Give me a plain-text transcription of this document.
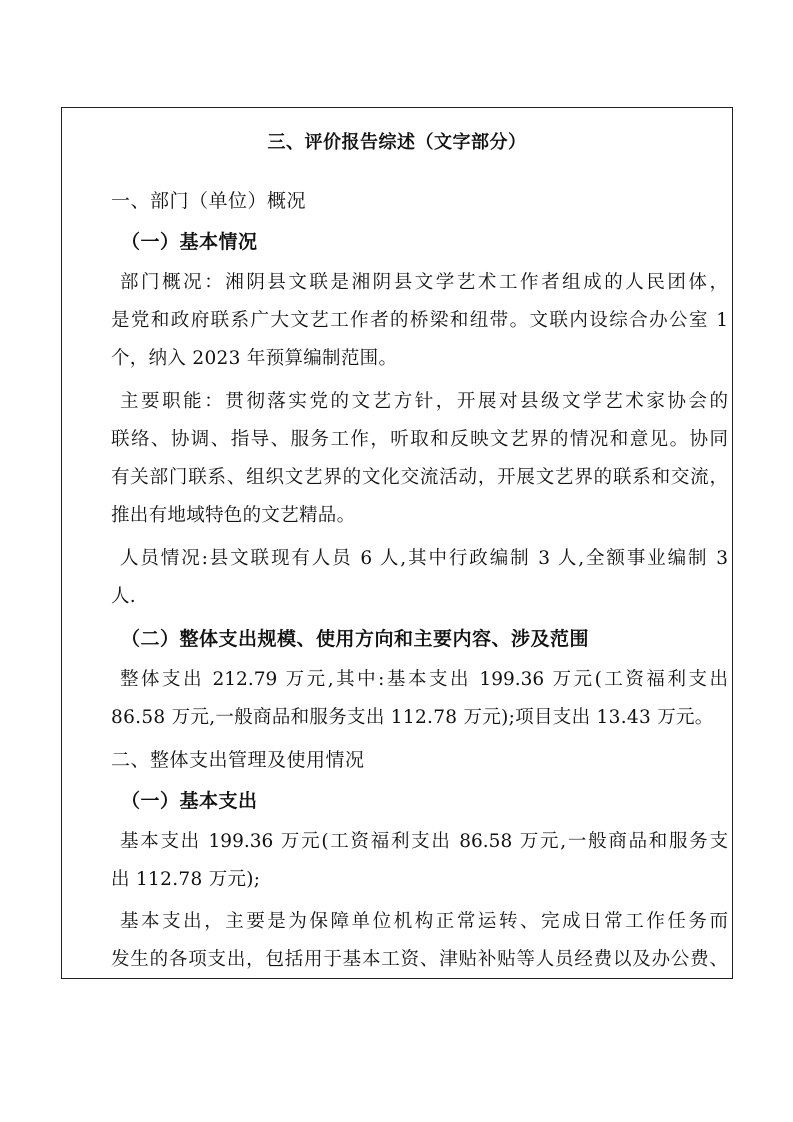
三、评价报告综述（文字部分）
一、部门（单位）概况
（一）基本情况
部门概况：湘阴县文联是湘阴县文学艺术工作者组成的人民团体，
是党和政府联系广大文艺工作者的桥梁和纽带。文联内设综合办公室 1
个，纳入 2023 年预算编制范围。
主要职能：贯彻落实党的文艺方针，开展对县级文学艺术家协会的
联络、协调、指导、服务工作，听取和反映文艺界的情况和意见。协同
有关部门联系、组织文艺界的文化交流活动，开展文艺界的联系和交流，
推出有地域特色的文艺精品。
人员情况:县文联现有人员 6 人,其中行政编制 3 人,全额事业编制 3
人.
（二）整体支出规模、使用方向和主要内容、涉及范围
整体支出 212.79 万元,其中:基本支出 199.36 万元(工资福利支出
86.58 万元,一般商品和服务支出 112.78 万元);项目支出 13.43 万元。
二、整体支出管理及使用情况
（一）基本支出
基本支出 199.36 万元(工资福利支出 86.58 万元,一般商品和服务支
出 112.78 万元);
基本支出，主要是为保障单位机构正常运转、完成日常工作任务而
发生的各项支出，包括用于基本工资、津贴补贴等人员经费以及办公费、
